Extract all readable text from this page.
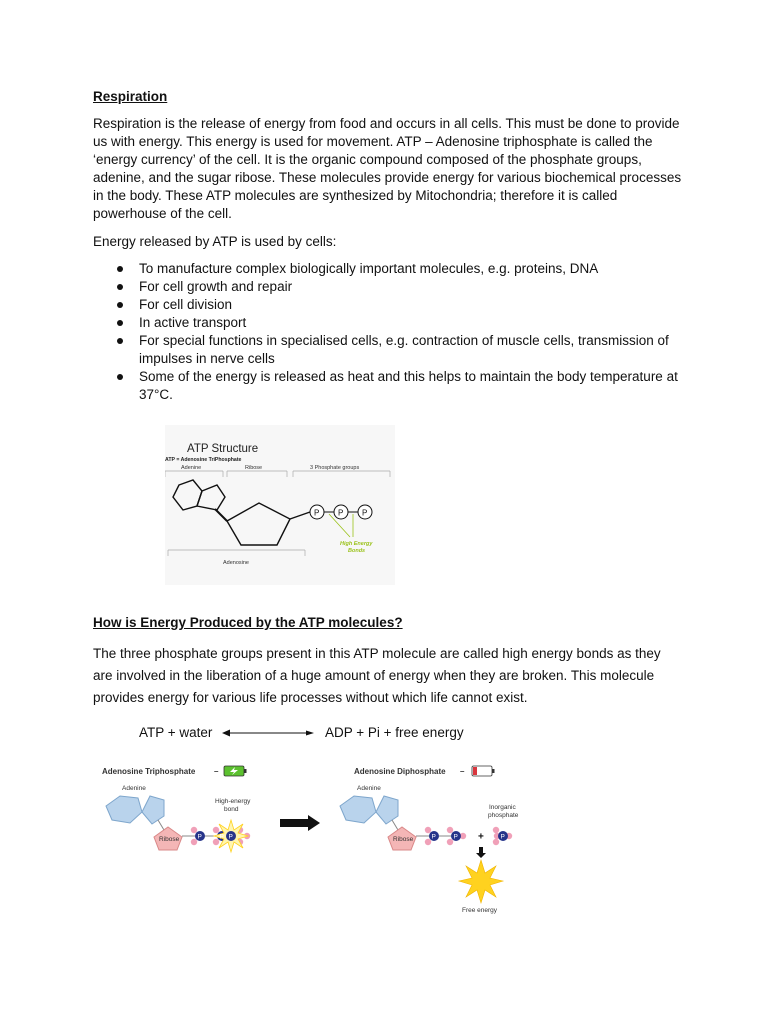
Respiration
Respiration is the release of energy from food and occurs in all cells. This must be done to provide us with energy. This energy is used for movement. ATP – Adenosine triphosphate is called the ‘energy currency’ of the cell. It is the organic compound composed of the phosphate groups, adenine, and the sugar ribose. These molecules provide energy for various biochemical processes in the body. These ATP molecules are synthesized by Mitochondria; therefore it is called powerhouse of the cell.
Energy released by ATP is used by cells:
To manufacture complex biologically important molecules, e.g. proteins, DNA
For cell growth and repair
For cell division
In active transport
For special functions in specialised cells, e.g. contraction of muscle cells, transmission of impulses in nerve cells
Some of the energy is released as heat and this helps to maintain the body temperature at 37°C.
ATP Structure
ATP = Adenosine TriPhosphate
Adenine	Ribose	3 Phosphate groups
P P P
High Energy
Bonds
Adenosine
How is Energy Produced by the ATP molecules?
The three phosphate groups present in this ATP molecule are called high energy bonds as they are involved in the liberation of a huge amount of energy when they are broken. This molecule provides energy for various life processes without which life cannot exist.
ATP + water	ADP + Pi + free energy
Adenosine Triphosphate –
Adenine
Ribose	P	P P
High-energy
bond
Adenosine Diphosphate –
Adenine
Ribose	P	P +	P
Inorganic
phosphate
Free energy
